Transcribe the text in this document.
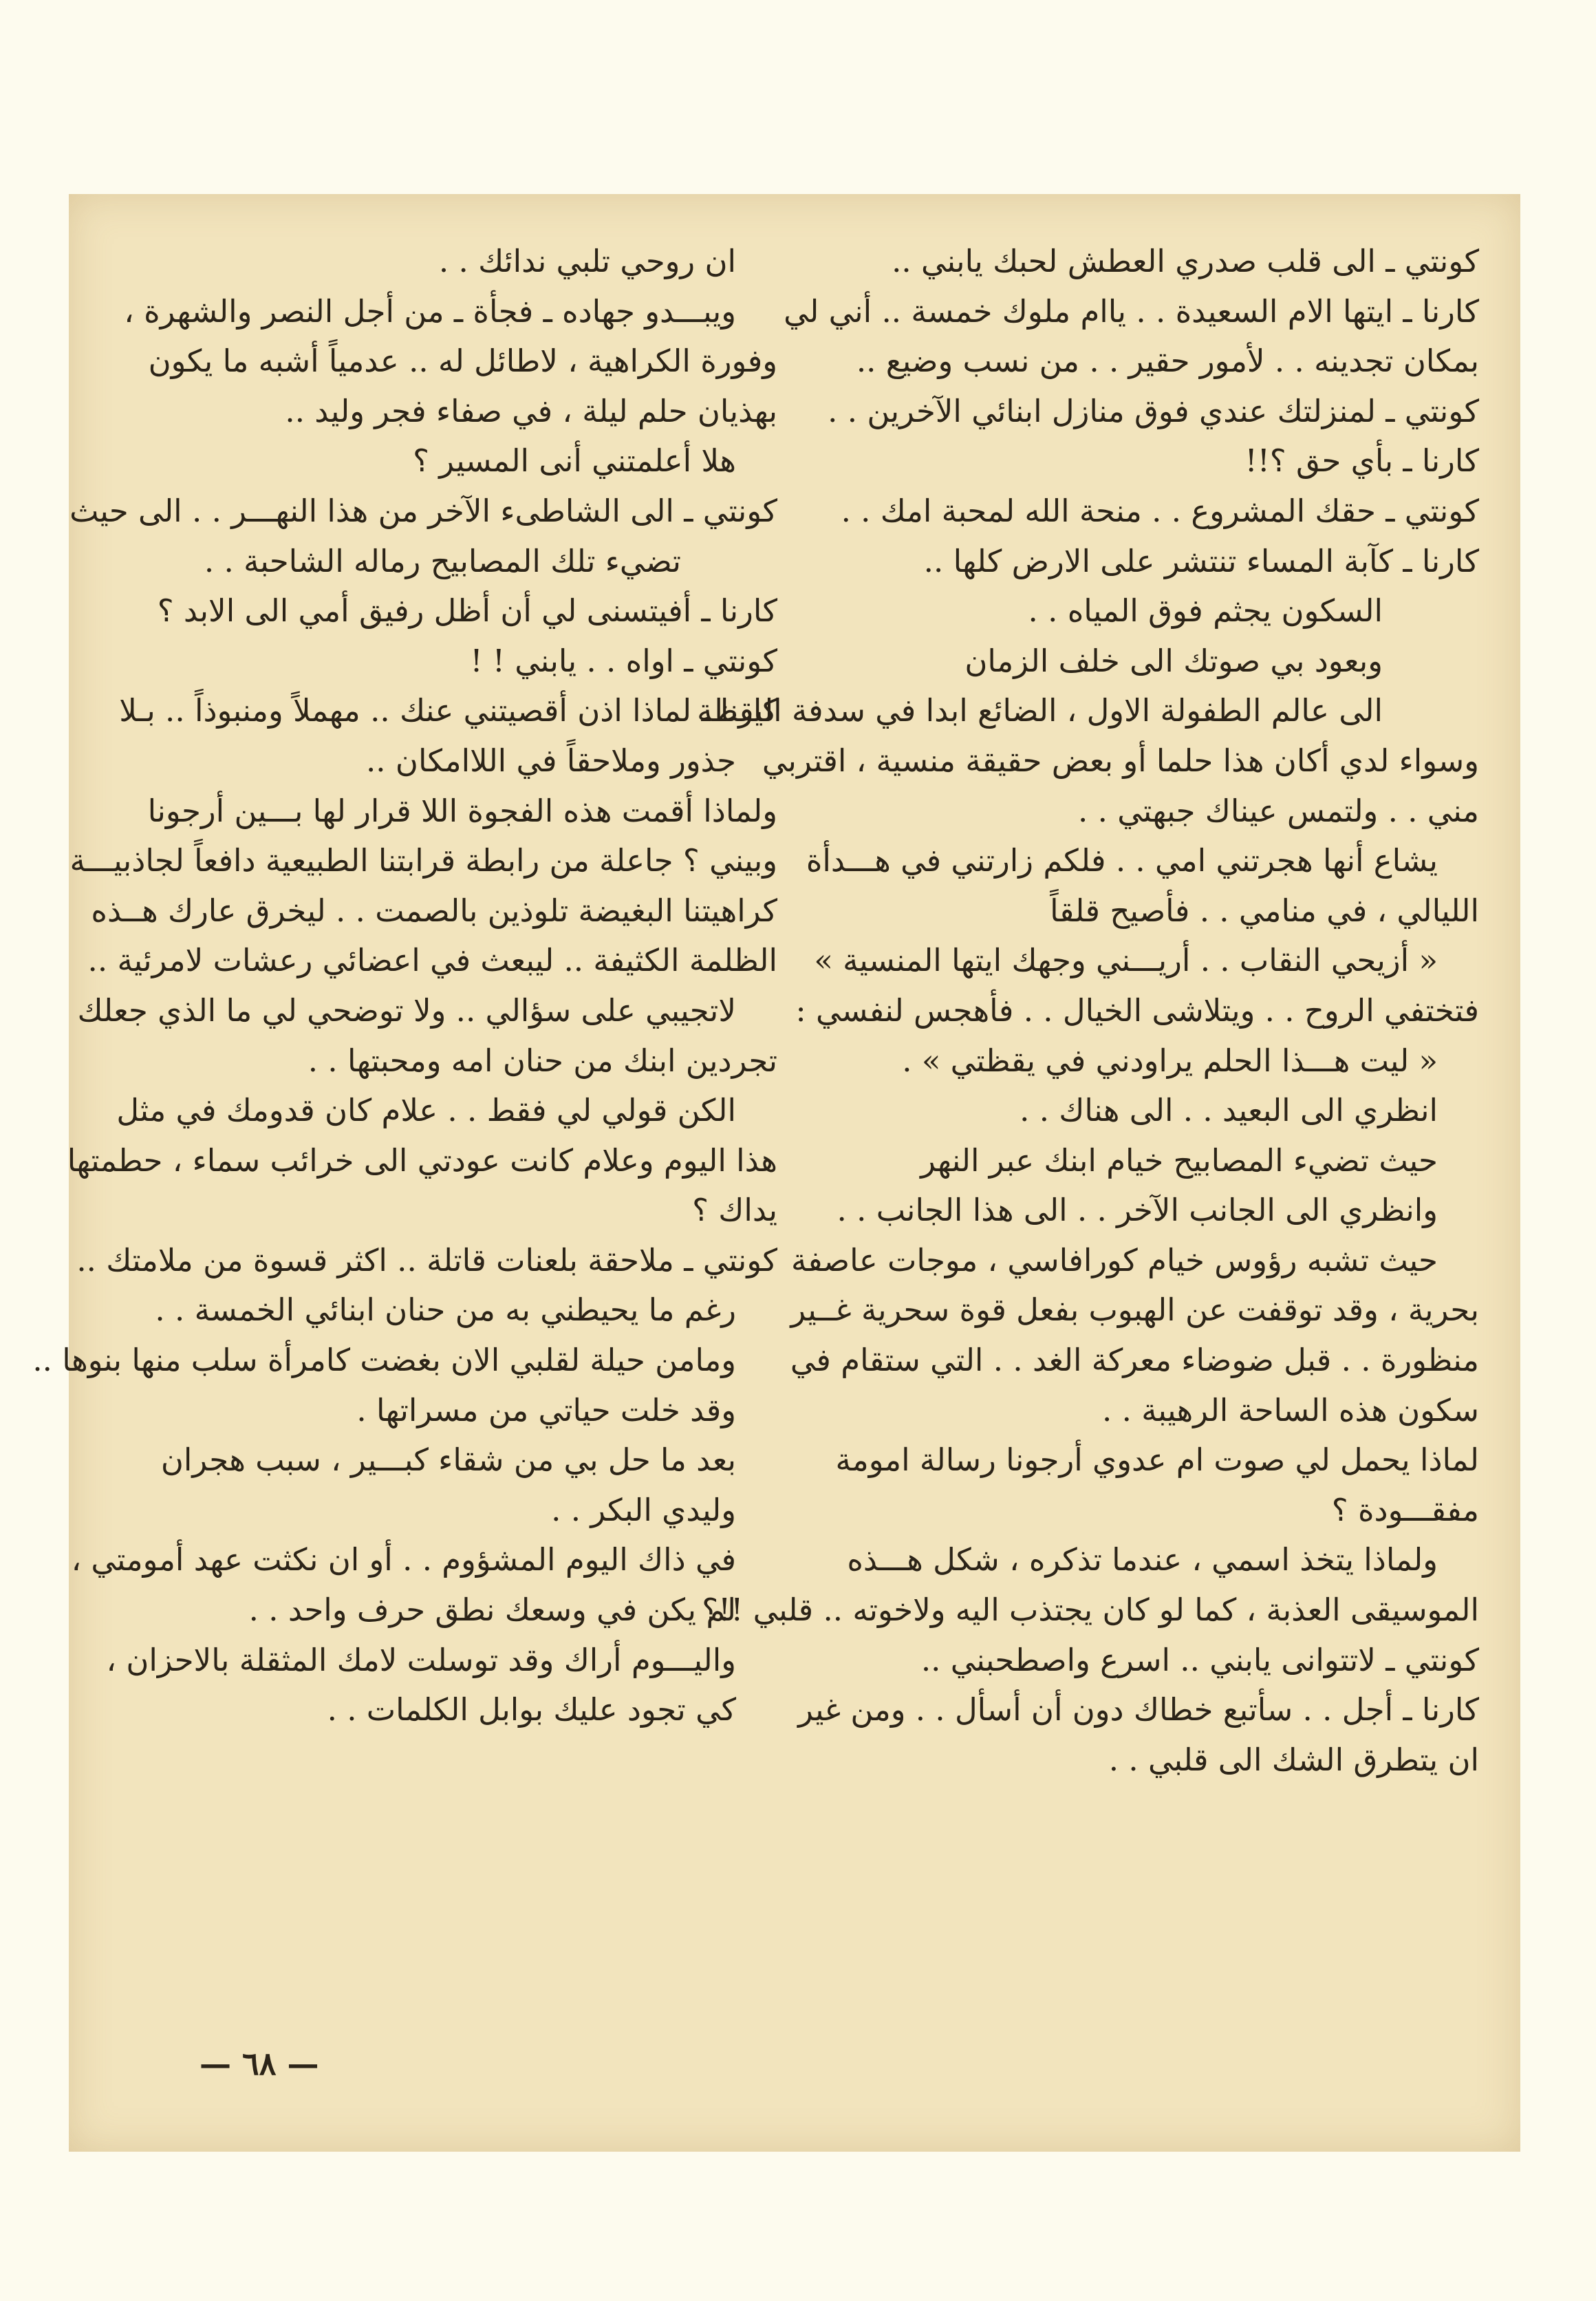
كونتي ـ الى قلب صدري العطش لحبك يابني ..
كارنا ـ ايتها الام السعيدة . . ياام ملوك خمسة .. أني لي
بمكان تجدينه . . لأمور حقير . . من نسب وضيع ..
كونتي ـ لمنزلتك عندي فوق منازل ابنائي الآخرين . .
كارنا ـ بأي حق ؟!!
كونتي ـ حقك المشروع . . منحة الله لمحبة امك . .
كارنا ـ كآبة المساء تنتشر على الارض كلها ..
السكون يجثم فوق المياه . .
وبعود بي صوتك الى خلف الزمان
الى عالم الطفولة الاول ، الضائع ابدا في سدفة اليقظة
وسواء لدي أكان هذا حلما أو بعض حقيقة منسية ، اقتربي
مني . . ولتمس عيناك جبهتي . .
يشاع أنها هجرتني امي . . فلكم زارتني في هـــدأة
الليالي ، في منامي . . فأصيح قلقاً
« أزيحي النقاب . . أريـــني وجهك ايتها المنسية »
فتختفي الروح . . ويتلاشى الخيال . . فأهجس لنفسي :
« ليت هـــذا الحلم يراودني في يقظتي » .
انظري الى البعيد . . الى هناك . .
حيث تضيء المصابيح خيام ابنك عبر النهر
وانظري الى الجانب الآخر . . الى هذا الجانب . .
حيث تشبه رؤوس خيام كورافاسي ، موجات عاصفة
بحرية ، وقد توقفت عن الهبوب بفعل قوة سحرية غــير
منظورة . . قبل ضوضاء معركة الغد . . التي ستقام في
سكون هذه الساحة الرهيبة . .
لماذا يحمل لي صوت ام عدوي أرجونا رسالة امومة
مفقـــودة ؟
ولماذا يتخذ اسمي ، عندما تذكره ، شكل هـــذه
الموسيقى العذبة ، كما لو كان يجتذب اليه ولاخوته .. قلبي !!؟
كونتي ـ لاتتوانى يابني .. اسرع واصطحبني ..
كارنا ـ أجل . . سأتبع خطاك دون أن أسأل . . ومن غير
ان يتطرق الشك الى قلبي . .
ان روحي تلبي ندائك . .
ويبـــدو جهاده ـ فجأة ـ من أجل النصر والشهرة ،
وفورة الكراهية ، لاطائل له .. عدمياً أشبه ما يكون
بهذيان حلم ليلة ، في صفاء فجر وليد ..
هلا أعلمتني أنى المسير ؟
كونتي ـ الى الشاطىء الآخر من هذا النهـــر . . الى حيث
تضيء تلك المصابيح رماله الشاحبة . .
كارنا ـ أفيتسنى لي أن أظل رفيق أمي الى الابد ؟
كونتي ـ اواه . . يابني ! !
كارنا ـ لماذا اذن أقصيتني عنك .. مهملاً ومنبوذاً .. بـلا
جذور وملاحقاً في اللاامكان ..
ولماذا أقمت هذه الفجوة اللا قرار لها بـــين أرجونا
وبيني ؟ جاعلة من رابطة قرابتنا الطبيعية دافعاً لجاذبيـــة
كراهيتنا البغيضة تلوذين بالصمت . . ليخرق عارك هــذه
الظلمة الكثيفة .. ليبعث في اعضائي رعشات لامرئية ..
لاتجيبي على سؤالي .. ولا توضحي لي ما الذي جعلك
تجردين ابنك من حنان امه ومحبتها . .
الكن قولي لي فقط . . علام كان قدومك في مثل
هذا اليوم وعلام كانت عودتي الى خرائب سماء ، حطمتها
يداك ؟
كونتي ـ ملاحقة بلعنات قاتلة .. اكثر قسوة من ملامتك ..
رغم ما يحيطني به من حنان ابنائي الخمسة . .
ومامن حيلة لقلبي الان بغضت كامرأة سلب منها بنوها ..
وقد خلت حياتي من مسراتها .
بعد ما حل بي من شقاء كبـــير ، سبب هجران
وليدي البكر . .
في ذاك اليوم المشؤوم . . أو ان نكثت عهد أمومتي ،
لم يكن في وسعك نطق حرف واحد . .
واليـــوم أراك وقد توسلت لامك المثقلة بالاحزان ،
كي تجود عليك بوابل الكلمات . .
— ٦٨ —
